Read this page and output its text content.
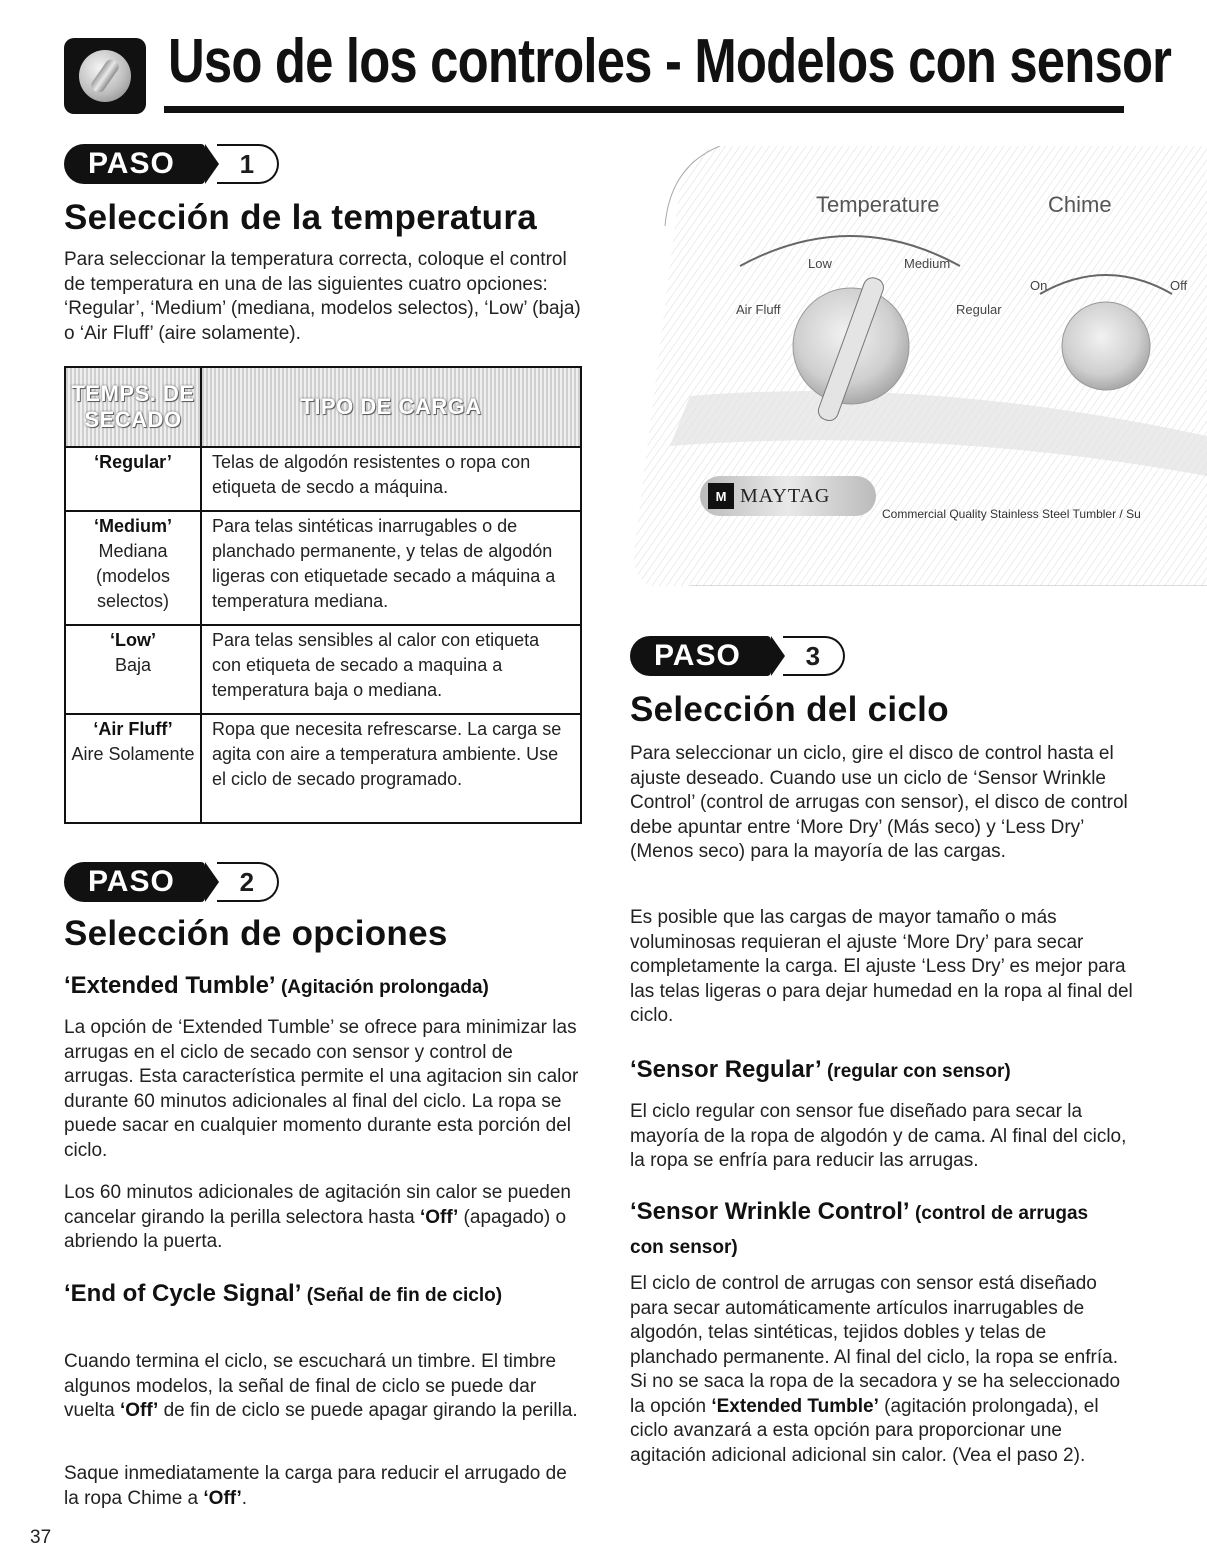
Uso de los controles - Modelos con sensor
PASO	1
Selección de la temperatura

Para seleccionar la temperatura correcta, coloque el control de temperatura en una de las siguientes cuatro opciones: ‘Regular’, ‘Medium’ (mediana, modelos selectos), ‘Low’ (baja) o ‘Air Fluff’ (aire solamente).

TEMPS. DE SECADO	TIPO DE CARGA

‘Regular’	Telas de algodón resistentes o ropa con etiqueta de secdo a máquina.

‘Medium’
Mediana (modelos selectos)	Para telas sintéticas inarrugables o de planchado permanente, y telas de algodón ligeras con etiquetade secado a máquina a temperatura mediana.

‘Low’
Baja	Para telas sensibles al calor con etiqueta con etiqueta de secado a maquina a temperatura baja o mediana.

‘Air Fluff’
Aire Solamente	Ropa que necesita refrescarse. La carga se agita con aire a temperatura ambiente. Use el ciclo de secado programado.
PASO	2
Selección de opciones
‘Extended Tumble’ (Agitación prolongada)

La opción de ‘Extended Tumble’ se ofrece para minimizar las arrugas en el ciclo de secado con sensor y control de arrugas. Esta característica permite el una agitacion sin calor durante 60 minutos adicionales al final del ciclo. La ropa se puede sacar en cualquier momento durante esta porción del ciclo.

Los 60 minutos adicionales de agitación sin calor se pueden cancelar girando la perilla selectora hasta ‘Off’ (apagado) o abriendo la puerta.

‘End of Cycle Signal’ (Señal de fin de ciclo)

Cuando termina el ciclo, se escuchará un timbre. El timbre algunos modelos, la señal de final de ciclo se puede dar vuelta ‘Off’ de fin de ciclo se puede apagar girando la perilla.

Saque inmediatamente la carga para reducir el arrugado de la ropa Chime a ‘Off’.

Temperature	Chime
Low	Medium
Air Fluff	Regular
On	Off
M MAYTAG
Commercial Quality Stainless Steel Tumbler / Su
PASO	3
Selección del ciclo

Para seleccionar un ciclo, gire el disco de control hasta el ajuste deseado. Cuando use un ciclo de ‘Sensor Wrinkle Control’ (control de arrugas con sensor), el disco de control debe apuntar entre ‘More Dry’ (Más seco) y ‘Less Dry’ (Menos seco) para la mayoría de las cargas.

Es posible que las cargas de mayor tamaño o más voluminosas requieran el ajuste ‘More Dry’ para secar completamente la carga. El ajuste ‘Less Dry’ es mejor para las telas ligeras o para dejar humedad en la ropa al final del ciclo.

‘Sensor Regular’ (regular con sensor)

El ciclo regular con sensor fue diseñado para secar la mayoría de la ropa de algodón y de cama. Al final del ciclo, la ropa se enfría para reducir las arrugas.

‘Sensor Wrinkle Control’ (control de arrugas con sensor)

El ciclo de control de arrugas con sensor está diseñado para secar automáticamente artículos inarrugables de algodón, telas sintéticas, tejidos dobles y telas de planchado permanente. Al final del ciclo, la ropa se enfría. Si no se saca la ropa de la secadora y se ha seleccionado la opción ‘Extended Tumble’ (agitación prolongada), el ciclo avanzará a esta opción para proporcionar une agitación adicional adicional sin calor. (Vea el paso 2).

37
